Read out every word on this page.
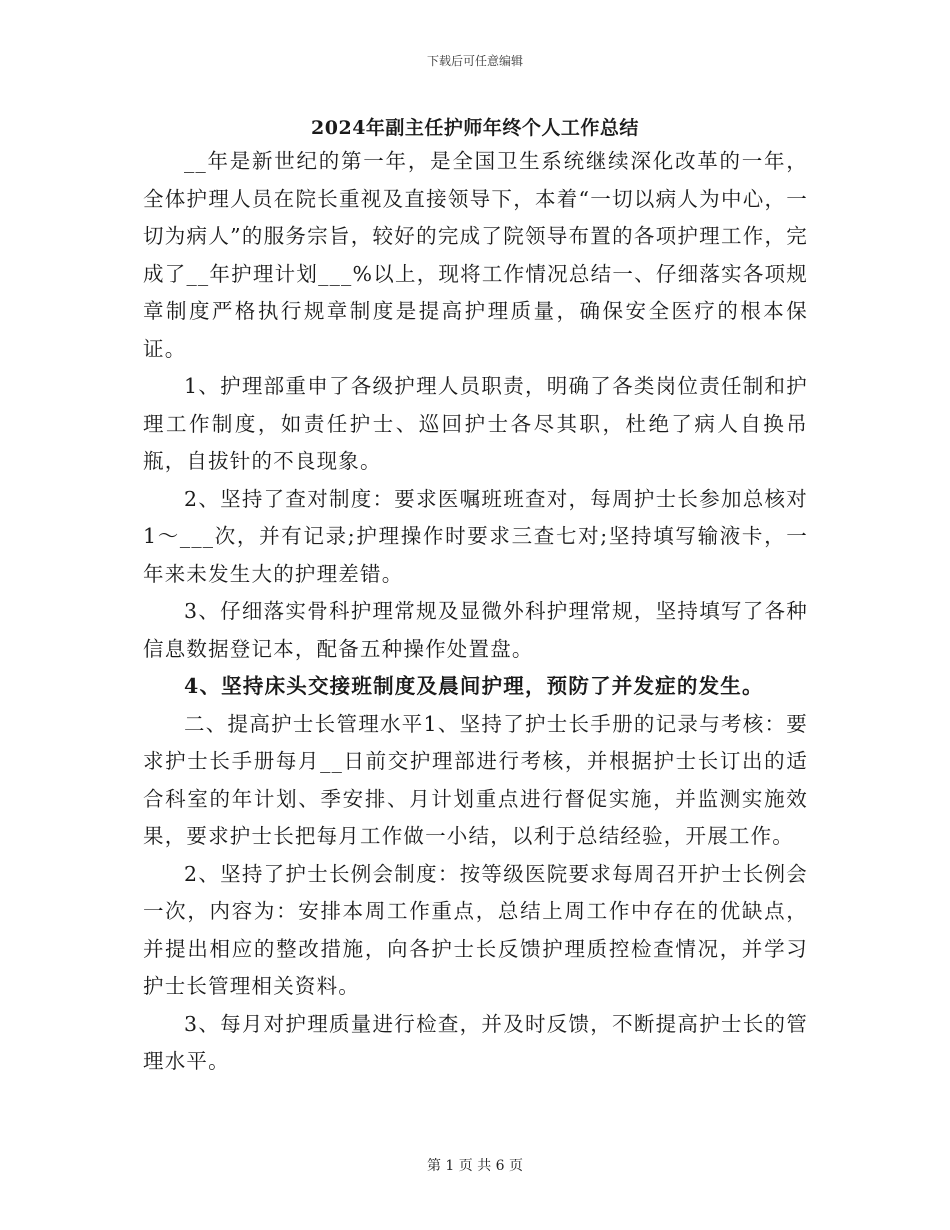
下载后可任意编辑
2024年副主任护师年终个人工作总结

__年是新世纪的第一年，是全国卫生系统继续深化改革的一年，全体护理人员在院长重视及直接领导下，本着“一切以病人为中心，一切为病人”的服务宗旨，较好的完成了院领导布置的各项护理工作，完成了__年护理计划___%以上，现将工作情况总结一、仔细落实各项规章制度严格执行规章制度是提高护理质量，确保安全医疗的根本保证。

1、护理部重申了各级护理人员职责，明确了各类岗位责任制和护理工作制度，如责任护士、巡回护士各尽其职，杜绝了病人自换吊瓶，自拔针的不良现象。

2、坚持了查对制度：要求医嘱班班查对，每周护士长参加总核对1～___次，并有记录;护理操作时要求三查七对;坚持填写输液卡，一年来未发生大的护理差错。

3、仔细落实骨科护理常规及显微外科护理常规，坚持填写了各种信息数据登记本，配备五种操作处置盘。

4、坚持床头交接班制度及晨间护理，预防了并发症的发生。

二、提高护士长管理水平1、坚持了护士长手册的记录与考核：要求护士长手册每月__日前交护理部进行考核，并根据护士长订出的适合科室的年计划、季安排、月计划重点进行督促实施，并监测实施效果，要求护士长把每月工作做一小结，以利于总结经验，开展工作。

2、坚持了护士长例会制度：按等级医院要求每周召开护士长例会一次，内容为：安排本周工作重点，总结上周工作中存在的优缺点，并提出相应的整改措施，向各护士长反馈护理质控检查情况，并学习护士长管理相关资料。

3、每月对护理质量进行检查，并及时反馈，不断提高护士长的管理水平。

第 1 页 共 6 页
